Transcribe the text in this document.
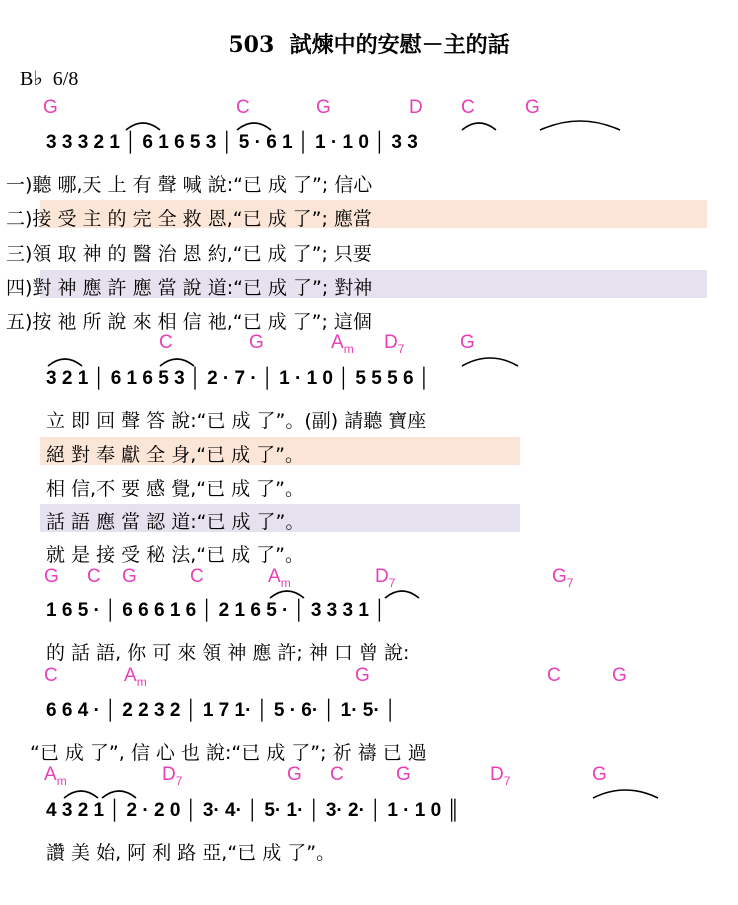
503  試煉中的安慰－主的話
B♭  6/8
G	C	G	D C	G
C	G	$A_m$ $D_7$	G
G C G	C	$A_m$	$D_7$	$G_7$
C	$A_m$	G	C	G
$A_m$	$D_7$	G C	G	$D_7$	G
3 3 3 2 1 │ 6 1 6 5 3 │ 5 · 6 1 │ 1 · 1 0 │ 3 3
3 2 1 │ 6 1 6 5 3 │ 2 · 7 · │ 1 · 1 0 │ 5 5 5 6 │
1 6 5 · │ 6 6 6 1 6 │ 2 1 6 5 · │ 3 3 3 1 │
6 6 4 · │ 2 2 3 2 │ 1 7 1· │ 5 · 6· │ 1· 5· │
4 3 2 1 │ 2 · 2 0 │ 3· 4· │ 5· 1· │ 3· 2· │ 1 · 1 0 ║
一)聽 哪,天 上 有 聲 喊 說:“已 成 了”; 信心
二)接 受 主 的 完 全 救 恩,“已 成 了”; 應當
三)領 取 神 的 醫 治 恩 約,“已 成 了”; 只要
四)對 神 應 許 應 當 說 道:“已 成 了”; 對神
五)按 祂 所 說 來 相 信 祂,“已 成 了”; 這個
立 即 回 聲 答 說:“已 成 了”。(副) 請聽 寶座
絕 對 奉 獻 全 身,“已 成 了”。
相 信,不 要 感 覺,“已 成 了”。
話 語 應 當 認 道:“已 成 了”。
就 是 接 受 秘 法,“已 成 了”。
的 話 語, 你 可 來 領 神 應 許; 神 口 曾 說:
“已 成 了”, 信 心 也 說:“已 成 了”; 祈 禱 已 過
讚 美 始, 阿 利 路 亞,“已 成 了”。
